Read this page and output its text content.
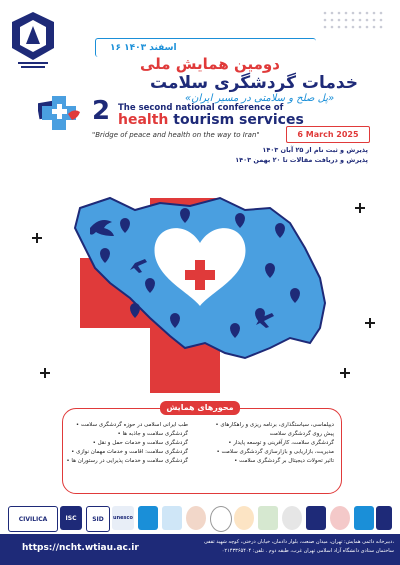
۱۶ اسفند ۱۴۰۳
دومین همایش ملی
خدمات گردشگری سلامت
«پل صلح و سلامتی در مسیر ایران»
2 The second national conference of
health tourism services
"Bridge of peace and health on the way to Iran"	6 March 2025
پذیرش و ثبت نام از ۲۵ آبان ۱۴۰۳
پذیرش و دریافت مقالات تا ۲۰ بهمن ۱۴۰۳
محورهای همایش
• دیپلماسی، سیاستگذاری، برنامه ریزی و راهکارهای
پیش روی گردشگری سلامت
• گردشگری سلامت، کارآفرینی و توسعه پایدار
• مدیریت، بازاریابی و بازارسازی گردشگری سلامت
• تاثیر تحولات دیجیتال بر گردشگری سلامت
• طب ایرانی اسلامی در حوزه گردشگری سلامت
• گردشگری سلامت و جاذبه ها
• گردشگری سلامت و خدمات حمل و نقل
• گردشگری سلامت: اقامت و خدمات مهمان نوازی
• گردشگری سلامت و خدمات پذیرایی در رستوران ها
CIVILICA	ISC	SID	unesco
https://ncht.wtiau.ac.ir
دبیرخانه دائمی همایش: تهران، میدان صنعت، بلوار دادمان، خیابان درختی، کوچه شهید ثقفی،
ساختمان ستادی دانشگاه آزاد اسلامی تهران غرب، طبقه دوم . تلفن: ۰۲۱۴۳۳۶۵۴۰۴
